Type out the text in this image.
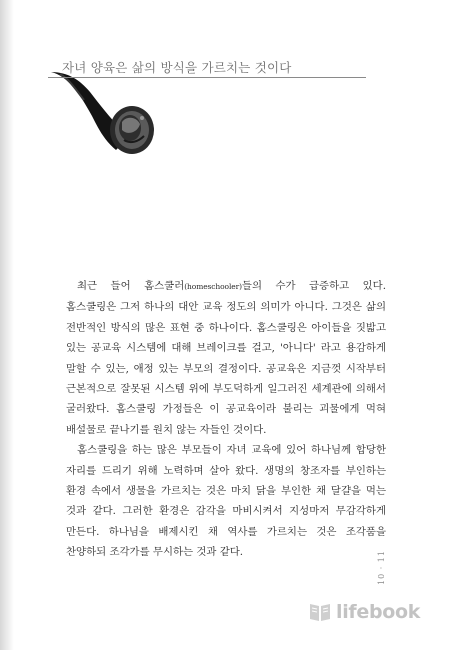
자녀 양육은 삶의 방식을 가르치는 것이다

최근 들어 홈스쿨러(homeschooler)들의 수가 급증하고 있다. 홈스쿨링은 그저 하나의 대안 교육 정도의 의미가 아니다. 그것은 삶의 전반적인 방식의 많은 표현 중 하나이다. 홈스쿨링은 아이들을 짓밟고 있는 공교육 시스템에 대해 브레이크를 걸고, '아니다' 라고 용감하게 말할 수 있는, 애정 있는 부모의 결정이다. 공교육은 지금껏 시작부터 근본적으로 잘못된 시스템 위에 부도덕하게 일그러진 세계관에 의해서 굴러왔다. 홈스쿨링 가정들은 이 공교육이라 불리는 괴물에게 먹혀 배설물로 끝나기를 원치 않는 자들인 것이다.

홈스쿨링을 하는 많은 부모들이 자녀 교육에 있어 하나님께 합당한 자리를 드리기 위해 노력하며 살아 왔다. 생명의 창조자를 부인하는 환경 속에서 생물을 가르치는 것은 마치 닭을 부인한 채 달걀을 먹는 것과 같다. 그러한 환경은 감각을 마비시켜서 지성마저 무감각하게 만든다. 하나님을 배제시킨 채 역사를 가르치는 것은 조각품을 찬양하되 조각가를 무시하는 것과 같다.	10 · 11
lifebook
